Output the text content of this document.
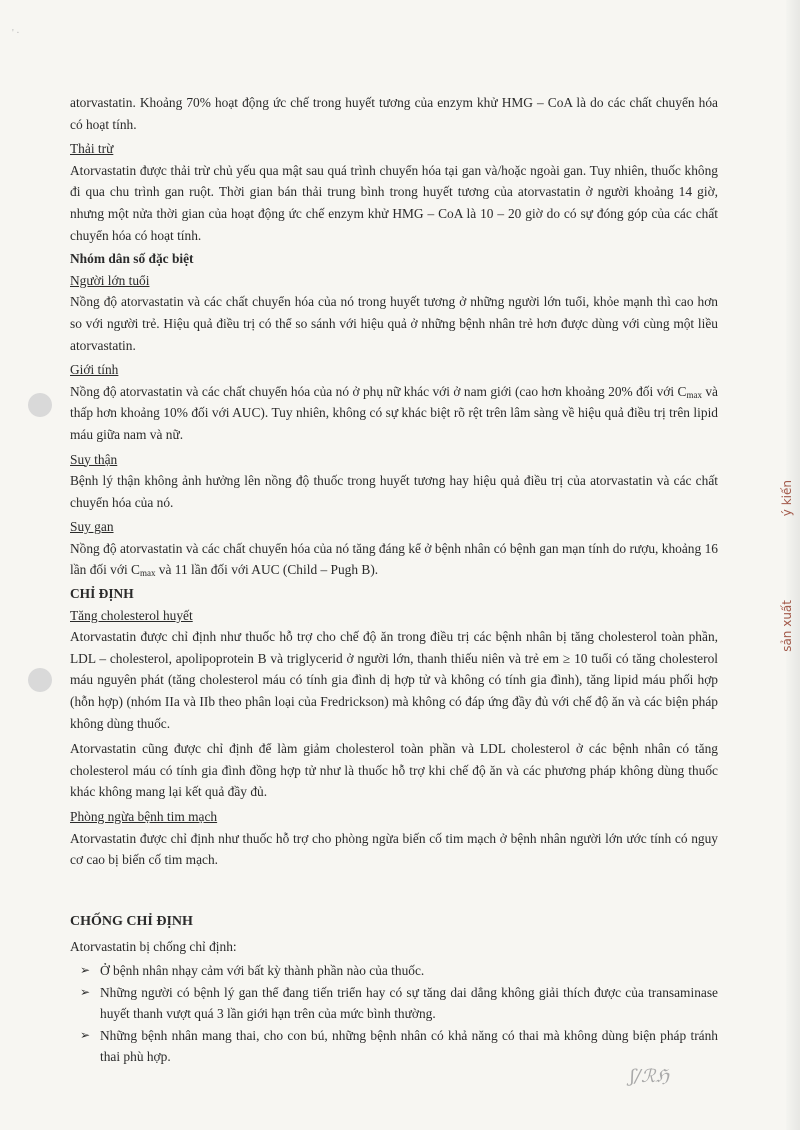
' ·
ý kiến
sản xuất

atorvastatin. Khoảng 70% hoạt động ức chế trong huyết tương của enzym khử HMG – CoA là do các chất chuyển hóa có hoạt tính.

Thải trừ

Atorvastatin được thải trừ chủ yếu qua mật sau quá trình chuyển hóa tại gan và/hoặc ngoài gan. Tuy nhiên, thuốc không đi qua chu trình gan ruột. Thời gian bán thải trung bình trong huyết tương của atorvastatin ở người khoảng 14 giờ, nhưng một nửa thời gian của hoạt động ức chế enzym khử HMG – CoA là 10 – 20 giờ do có sự đóng góp của các chất chuyển hóa có hoạt tính.

Nhóm dân số đặc biệt
Người lớn tuổi

Nồng độ atorvastatin và các chất chuyển hóa của nó trong huyết tương ở những người lớn tuổi, khỏe mạnh thì cao hơn so với người trẻ. Hiệu quả điều trị có thể so sánh với hiệu quả ở những bệnh nhân trẻ hơn được dùng với cùng một liều atorvastatin.

Giới tính

Nồng độ atorvastatin và các chất chuyển hóa của nó ở phụ nữ khác với ở nam giới (cao hơn khoảng 20% đối với $C_{max}$ và thấp hơn khoảng 10% đối với AUC). Tuy nhiên, không có sự khác biệt rõ rệt trên lâm sàng về hiệu quả điều trị trên lipid máu giữa nam và nữ.

Suy thận

Bệnh lý thận không ảnh hưởng lên nồng độ thuốc trong huyết tương hay hiệu quả điều trị của atorvastatin và các chất chuyển hóa của nó.

Suy gan

Nồng độ atorvastatin và các chất chuyển hóa của nó tăng đáng kể ở bệnh nhân có bệnh gan mạn tính do rượu, khoảng 16 lần đối với $C_{max}$ và 11 lần đối với AUC (Child – Pugh B).

CHỈ ĐỊNH
Tăng cholesterol huyết

Atorvastatin được chỉ định như thuốc hỗ trợ cho chế độ ăn trong điều trị các bệnh nhân bị tăng cholesterol toàn phần, LDL – cholesterol, apolipoprotein B và triglycerid ở người lớn, thanh thiếu niên và trẻ em ≥ 10 tuổi có tăng cholesterol máu nguyên phát (tăng cholesterol máu có tính gia đình dị hợp tử và không có tính gia đình), tăng lipid máu phối hợp (hỗn hợp) (nhóm IIa và IIb theo phân loại của Fredrickson) mà không có đáp ứng đầy đủ với chế độ ăn và các biện pháp không dùng thuốc.

Atorvastatin cũng được chỉ định để làm giảm cholesterol toàn phần và LDL cholesterol ở các bệnh nhân có tăng cholesterol máu có tính gia đình đồng hợp tử như là thuốc hỗ trợ khi chế độ ăn và các phương pháp không dùng thuốc khác không mang lại kết quả đầy đủ.

Phòng ngừa bệnh tim mạch

Atorvastatin được chỉ định như thuốc hỗ trợ cho phòng ngừa biến cố tim mạch ở bệnh nhân người lớn ước tính có nguy cơ cao bị biến cố tim mạch.

CHỐNG CHỈ ĐỊNH

Atorvastatin bị chống chỉ định:

➢ Ở bệnh nhân nhạy cảm với bất kỳ thành phần nào của thuốc.
➢ Những người có bệnh lý gan thể đang tiến triển hay có sự tăng dai dẳng không giải thích được của transaminase huyết thanh vượt quá 3 lần giới hạn trên của mức bình thường.
➢ Những bệnh nhân mang thai, cho con bú, những bệnh nhân có khả năng có thai mà không dùng biện pháp tránh thai phù hợp.
ʃ/ℛℌ
